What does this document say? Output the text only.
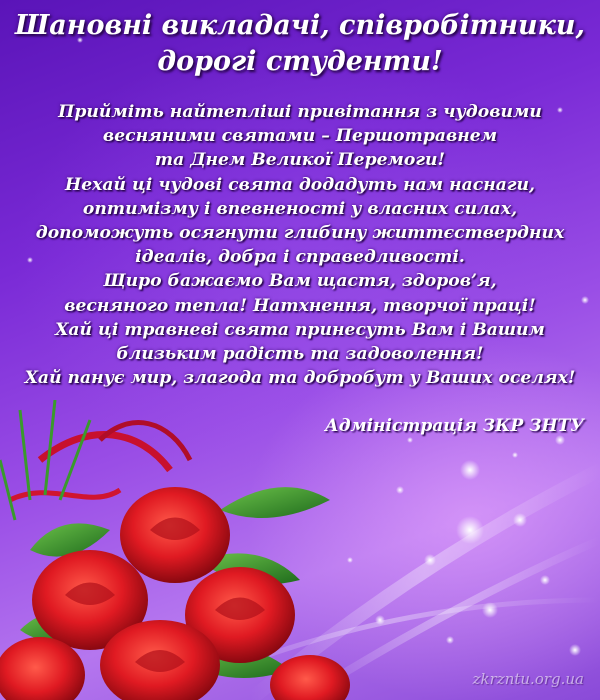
Шановні викладачі, співробітники,
дорогі студенти!
Прийміть найтепліші привітання з чудовими
весняними святами – Першотравнем
та Днем Великої Перемоги!
Нехай ці чудові свята додадуть нам наснаги,
оптимізму і впевненості у власних силах,
допоможуть осягнути глибину життєствердних
ідеалів, добра і справедливості.
Щиро бажаємо Вам щастя, здоров’я,
весняного тепла! Натхнення, творчої праці!
Хай ці травневі свята принесуть Вам і Вашим
близьким радість та задоволення!
Хай панує мир, злагода та добробут у Ваших оселях!
Адміністрація ЗКР ЗНТУ
zkrzntu.org.ua
